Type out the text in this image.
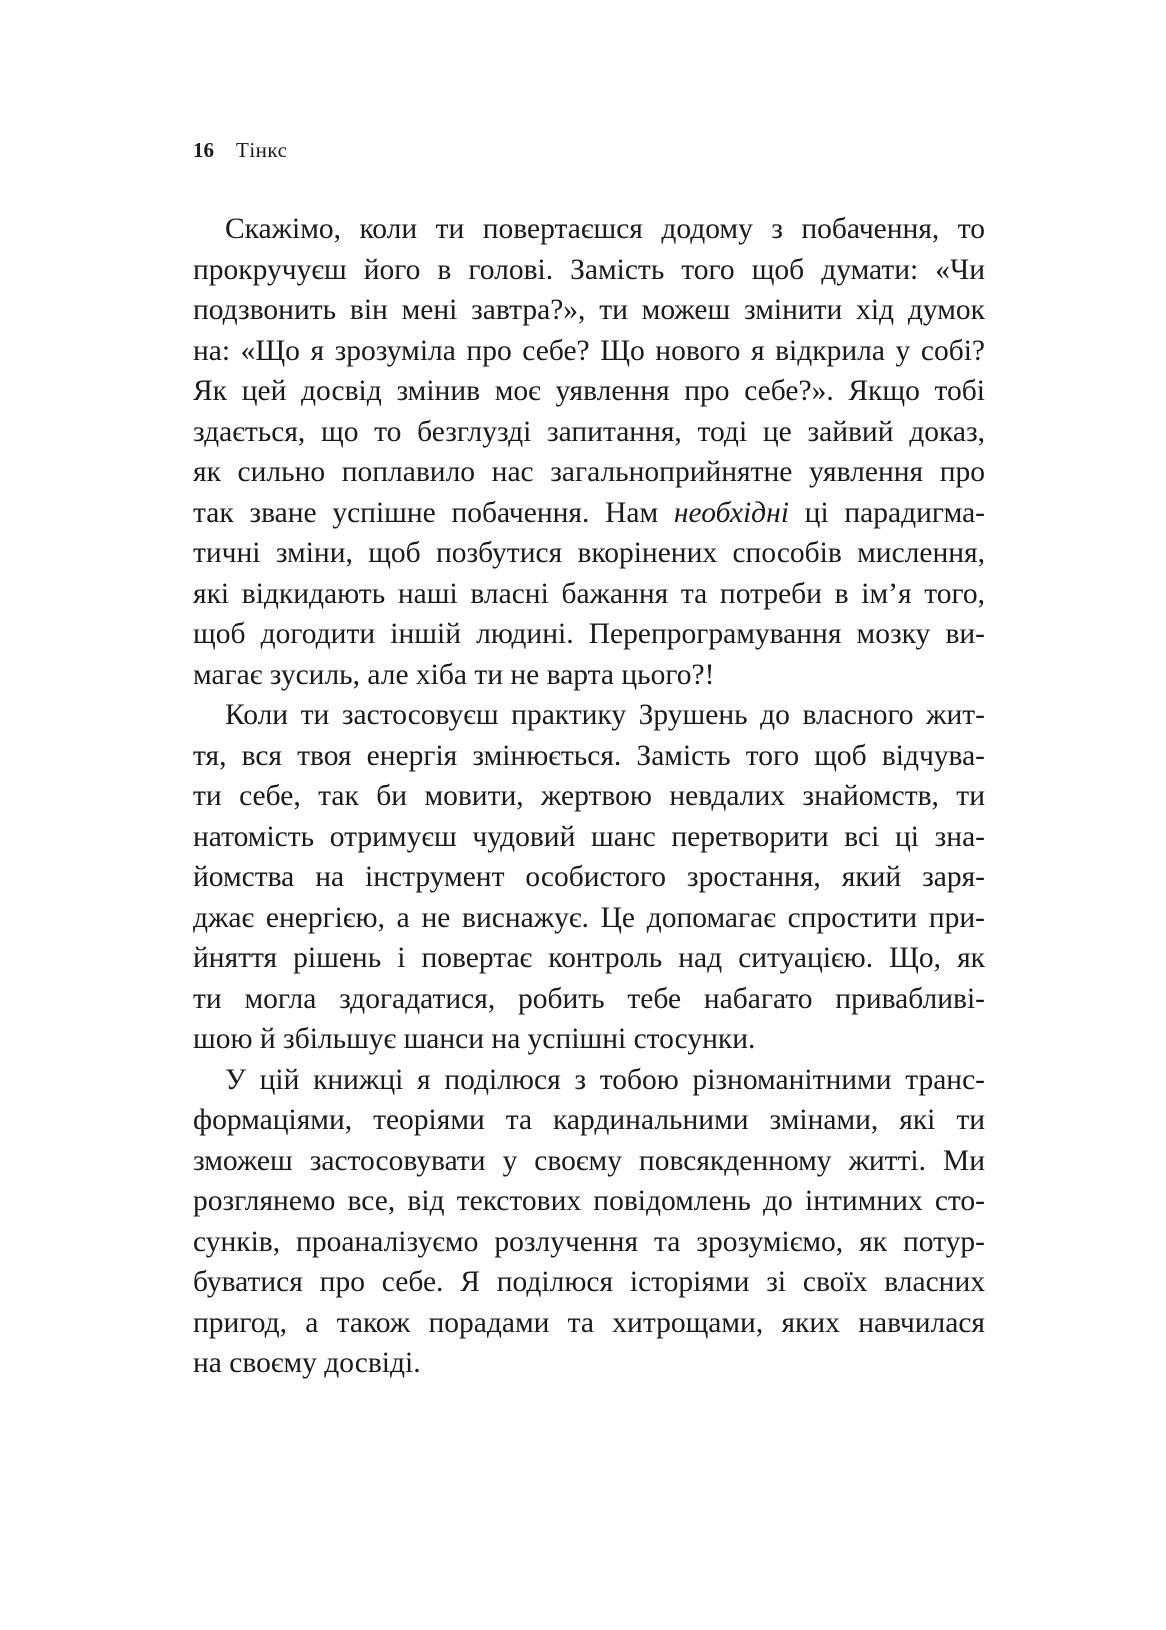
16 Тінкс

Скажімо, коли ти повертаєшся додому з побачення, то
прокручуєш його в голові. Замість того щоб думати: «Чи
подзвонить він мені завтра?», ти можеш змінити хід думок
на: «Що я зрозуміла про себе? Що нового я відкрила у собі?
Як цей досвід змінив моє уявлення про себе?». Якщо тобі
здається, що то безглузді запитання, тоді це зайвий доказ,
як сильно поплавило нас загальноприйнятне уявлення про
так зване успішне побачення. Нам необхідні ці парадигма-
тичні зміни, щоб позбутися вкорінених способів мислення,
які відкидають наші власні бажання та потреби в ім’я того,
щоб догодити іншій людині. Перепрограмування мозку ви-
магає зусиль, але хіба ти не варта цього?!

Коли ти застосовуєш практику Зрушень до власного жит-
тя, вся твоя енергія змінюється. Замість того щоб відчува-
ти себе, так би мовити, жертвою невдалих знайомств, ти
натомість отримуєш чудовий шанс перетворити всі ці зна-
йомства на інструмент особистого зростання, який заря-
джає енергією, а не виснажує. Це допомагає спростити при-
йняття рішень і повертає контроль над ситуацією. Що, як
ти могла здогадатися, робить тебе набагато привабливі-
шою й збільшує шанси на успішні стосунки.

У цій книжці я поділюся з тобою різноманітними транс-
формаціями, теоріями та кардинальними змінами, які ти
зможеш застосовувати у своєму повсякденному житті. Ми
розглянемо все, від текстових повідомлень до інтимних сто-
сунків, проаналізуємо розлучення та зрозуміємо, як потур-
буватися про себе. Я поділюся історіями зі своїх власних
пригод, а також порадами та хитрощами, яких навчилася
на своєму досвіді.
